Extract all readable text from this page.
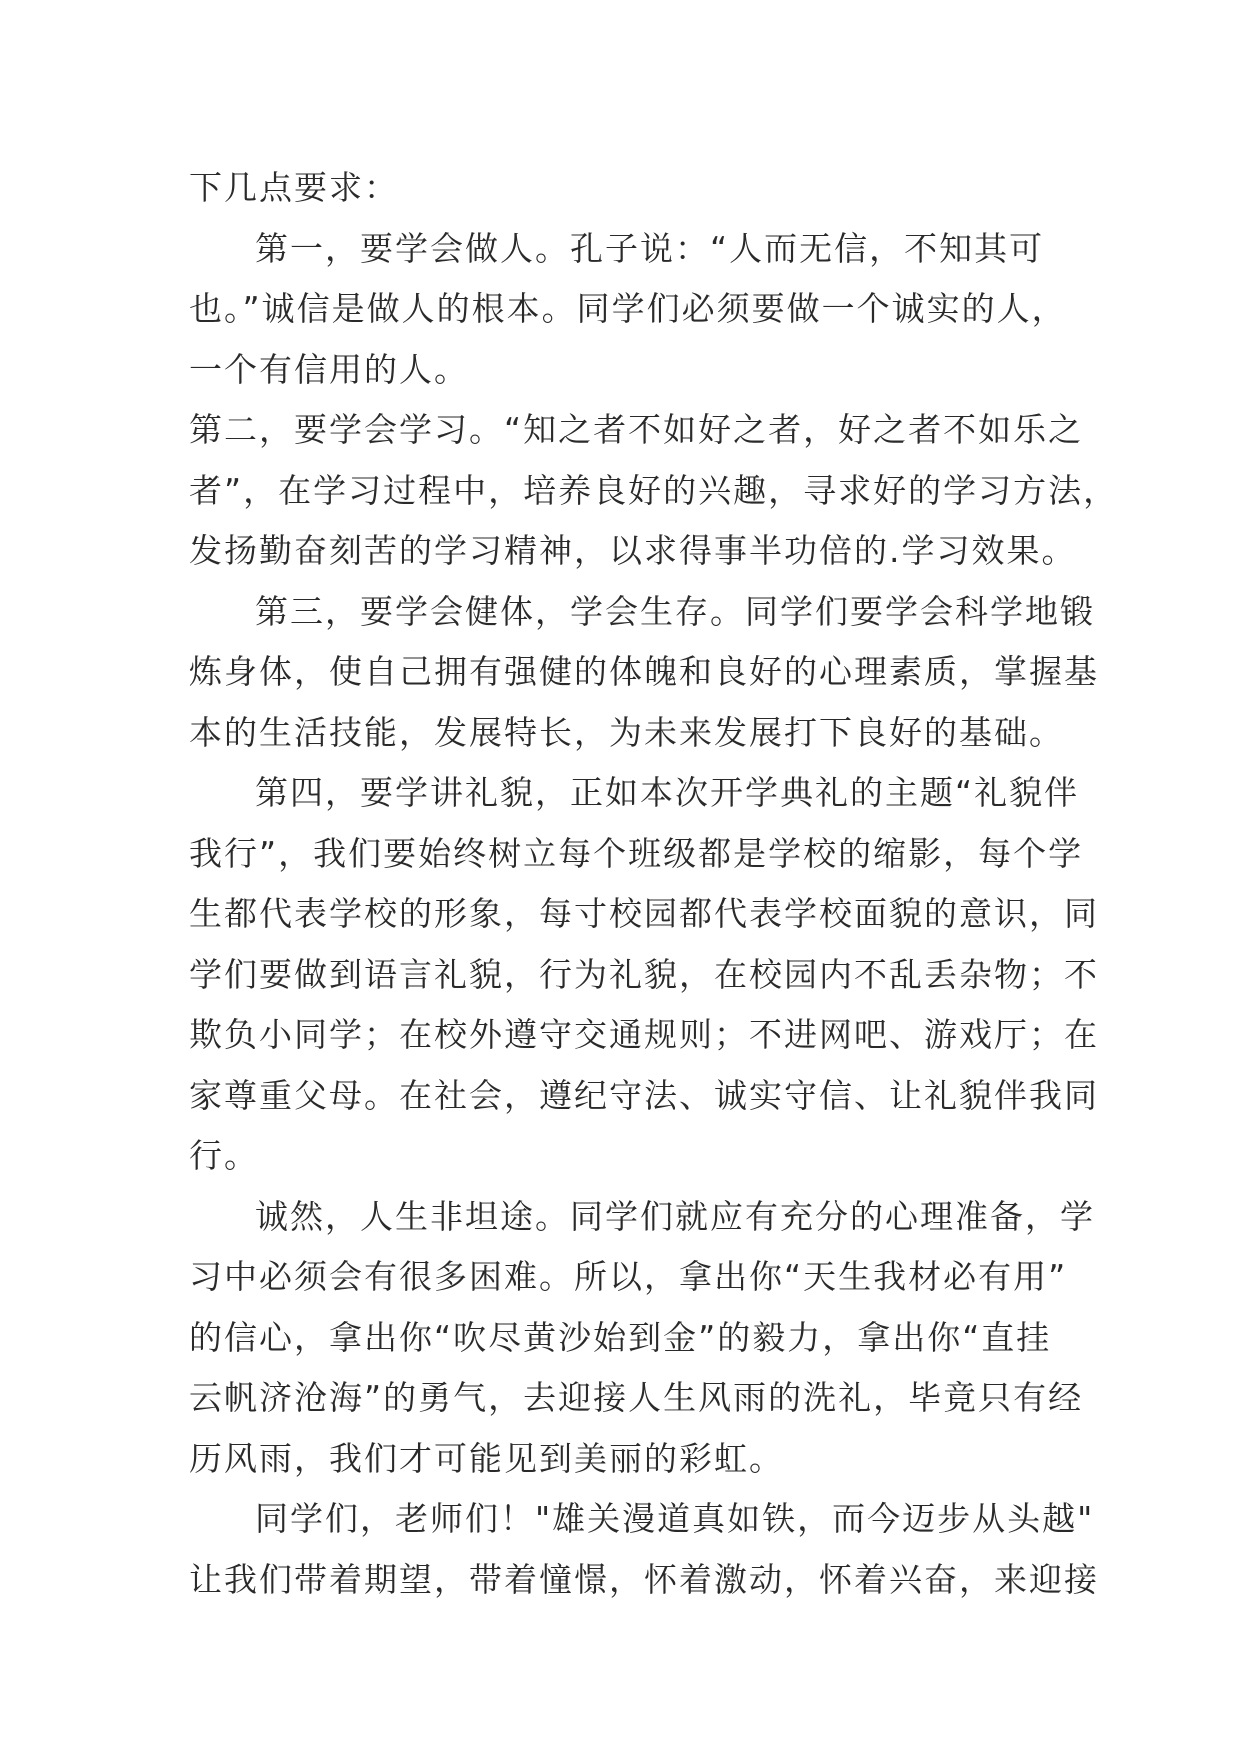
下几点要求：
第一，要学会做人。孔子说：“人而无信，不知其可
也。”诚信是做人的根本。同学们必须要做一个诚实的人，
一个有信用的人。
第二，要学会学习。“知之者不如好之者，好之者不如乐之
者”，在学习过程中，培养良好的兴趣，寻求好的学习方法，
发扬勤奋刻苦的学习精神，以求得事半功倍的.学习效果。
第三，要学会健体，学会生存。同学们要学会科学地锻
炼身体，使自己拥有强健的体魄和良好的心理素质，掌握基
本的生活技能，发展特长，为未来发展打下良好的基础。
第四，要学讲礼貌，正如本次开学典礼的主题“礼貌伴
我行”，我们要始终树立每个班级都是学校的缩影，每个学
生都代表学校的形象，每寸校园都代表学校面貌的意识，同
学们要做到语言礼貌，行为礼貌，在校园内不乱丢杂物；不
欺负小同学；在校外遵守交通规则；不进网吧、游戏厅；在
家尊重父母。在社会，遵纪守法、诚实守信、让礼貌伴我同
行。
诚然，人生非坦途。同学们就应有充分的心理准备，学
习中必须会有很多困难。所以，拿出你“天生我材必有用”
的信心，拿出你“吹尽黄沙始到金”的毅力，拿出你“直挂
云帆济沧海”的勇气，去迎接人生风雨的洗礼，毕竟只有经
历风雨，我们才可能见到美丽的彩虹。
同学们，老师们！"雄关漫道真如铁，而今迈步从头越"
让我们带着期望，带着憧憬，怀着激动，怀着兴奋，来迎接
